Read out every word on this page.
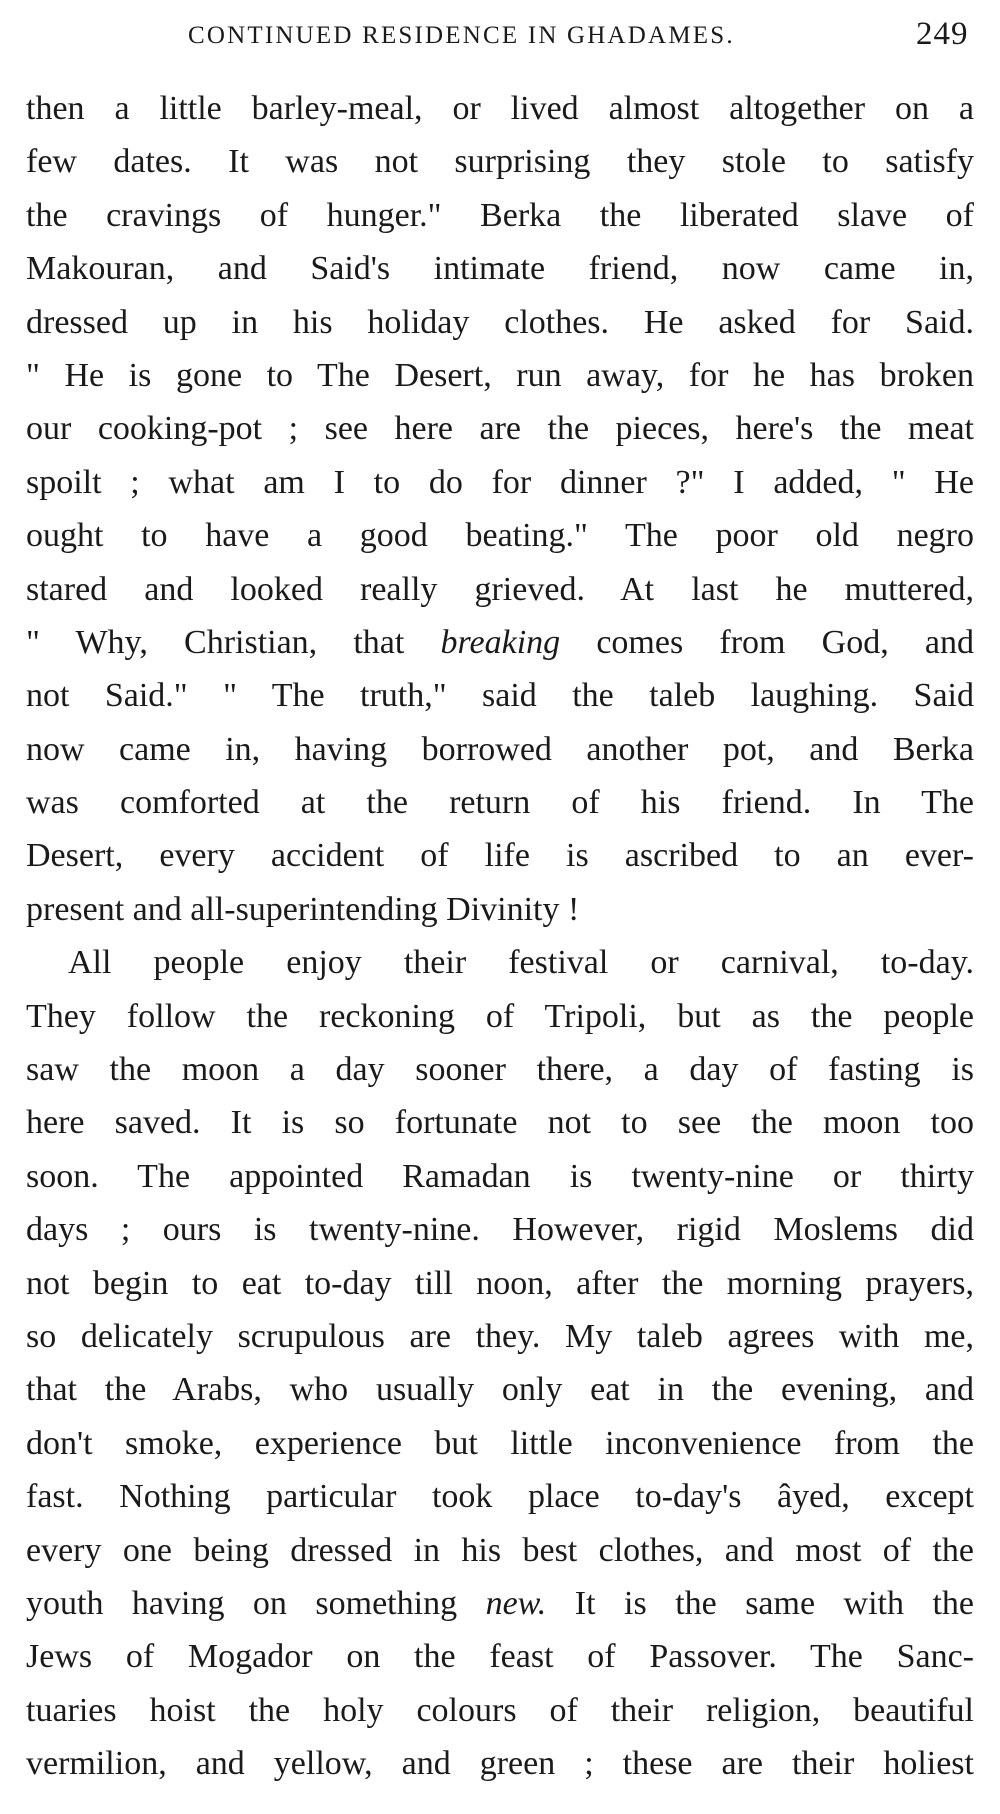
CONTINUED RESIDENCE IN GHADAMES.	249
then a little barley-meal, or lived almost altogether on a
few dates. It was not surprising they stole to satisfy
the cravings of hunger." Berka the liberated slave of
Makouran, and Said's intimate friend, now came in,
dressed up in his holiday clothes. He asked for Said.
" He is gone to The Desert, run away, for he has broken
our cooking-pot ; see here are the pieces, here's the meat
spoilt ; what am I to do for dinner ?" I added, " He
ought to have a good beating." The poor old negro
stared and looked really grieved. At last he muttered,
" Why, Christian, that breaking comes from God, and
not Said." " The truth," said the taleb laughing. Said
now came in, having borrowed another pot, and Berka
was comforted at the return of his friend. In The
Desert, every accident of life is ascribed to an ever-
present and all-superintending Divinity !
All people enjoy their festival or carnival, to-day.
They follow the reckoning of Tripoli, but as the people
saw the moon a day sooner there, a day of fasting is
here saved. It is so fortunate not to see the moon too
soon. The appointed Ramadan is twenty-nine or thirty
days ; ours is twenty-nine. However, rigid Moslems did
not begin to eat to-day till noon, after the morning prayers,
so delicately scrupulous are they. My taleb agrees with me,
that the Arabs, who usually only eat in the evening, and
don't smoke, experience but little inconvenience from the
fast. Nothing particular took place to-day's âyed, except
every one being dressed in his best clothes, and most of the
youth having on something new. It is the same with the
Jews of Mogador on the feast of Passover. The Sanc-
tuaries hoist the holy colours of their religion, beautiful
vermilion, and yellow, and green ; these are their holiest
